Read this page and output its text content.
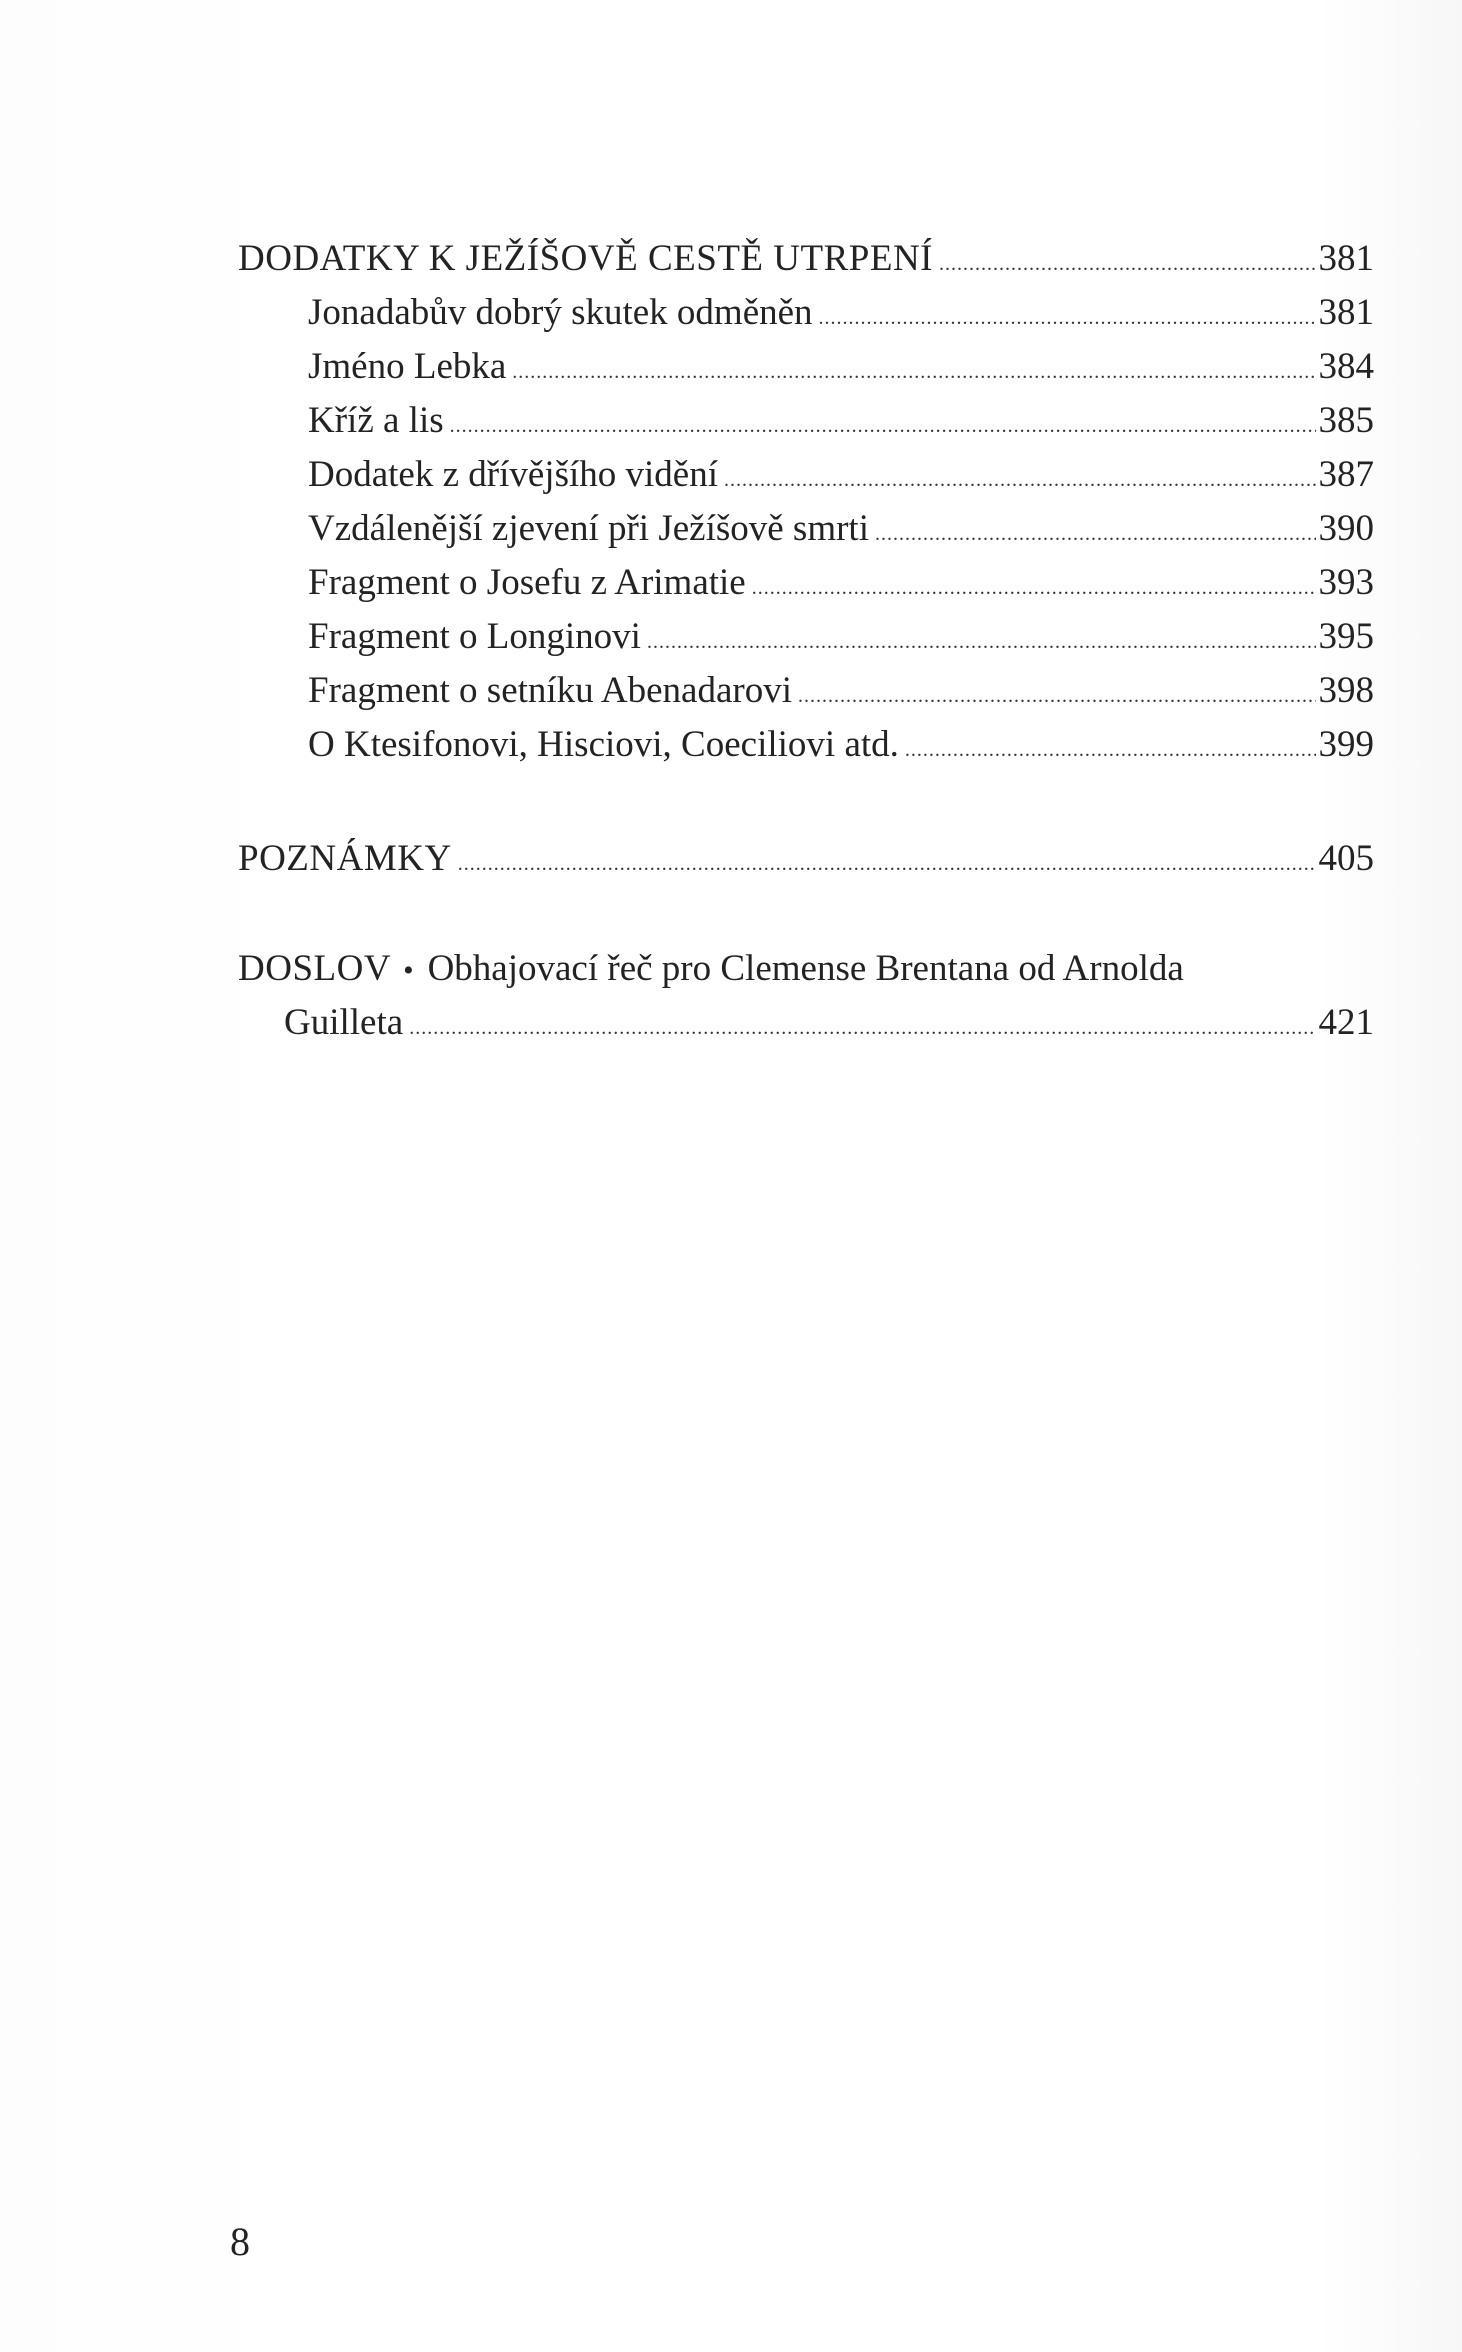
DODATKY K JEŽÍŠOVĚ CESTĚ UTRPENÍ .....	381
Jonadabův dobrý skutek odměněn .....	381
Jméno Lebka .....	384
Kříž a lis .....	385
Dodatek z dřívějšího vidění .....	387
Vzdálenější zjevení při Ježíšově smrti .....	390
Fragment o Josefu z Arimatie .....	393
Fragment o Longinovi .....	395
Fragment o setníku Abenadarovi .....	398
O Ktesifonovi, Hisciovi, Coeciliovi atd. .....	399
POZNÁMKY .....	405
DOSLOV • Obhajovací řeč pro Clemense Brentana od Arnolda
Guilleta .....	421
8
